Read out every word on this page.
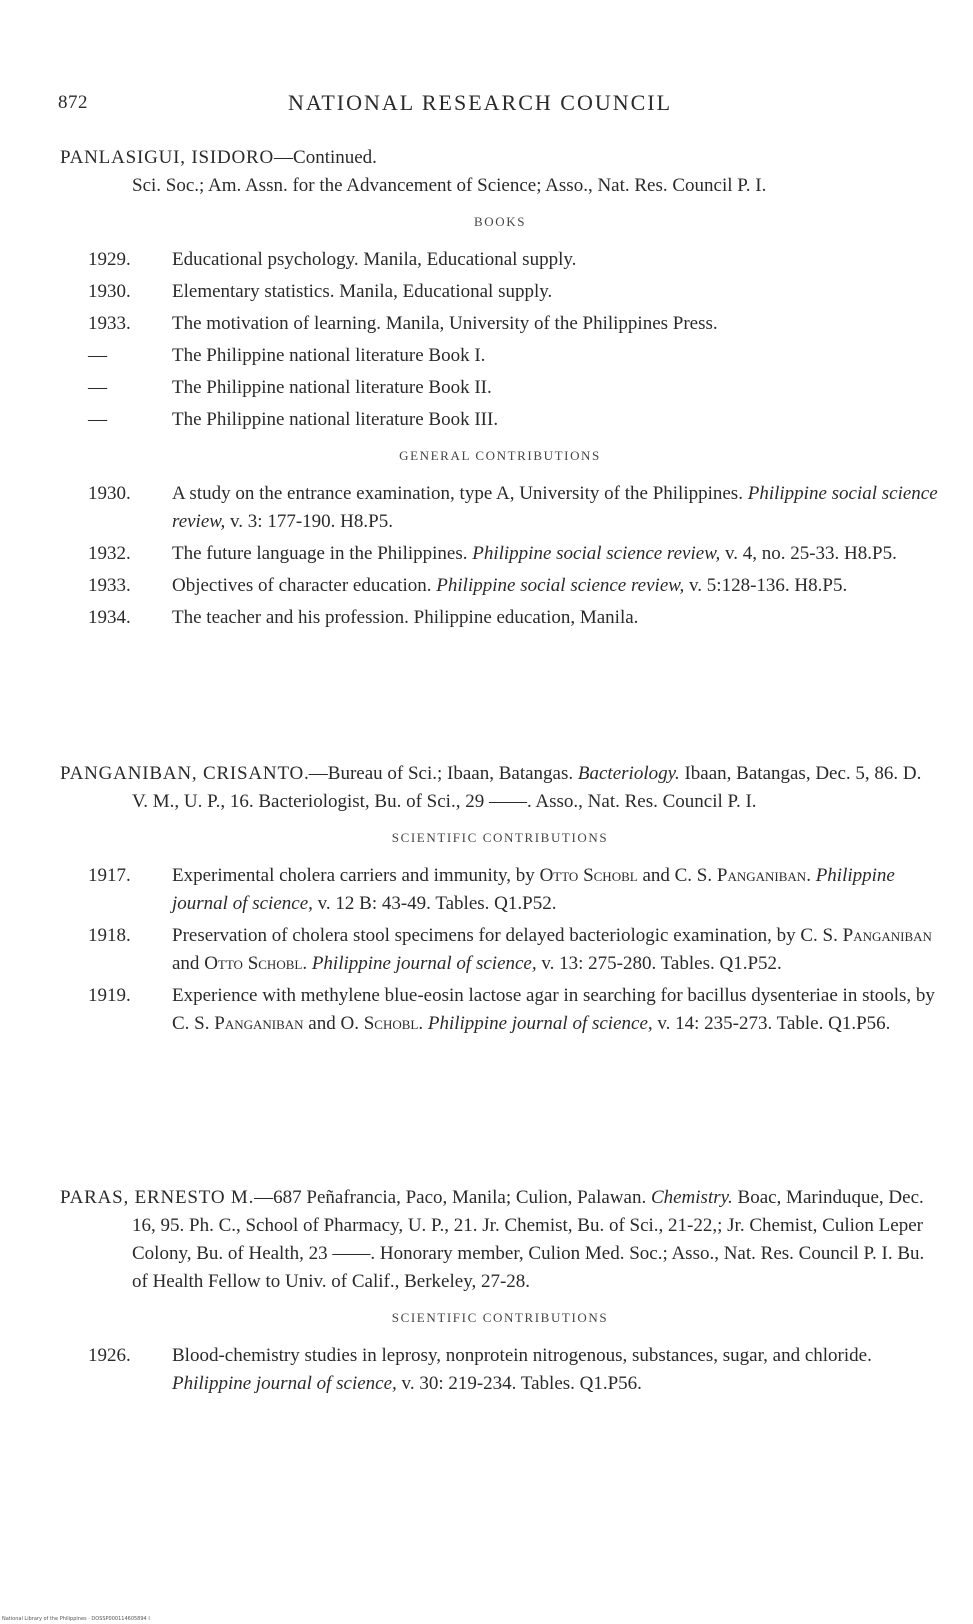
872	NATIONAL RESEARCH COUNCIL

PANLASIGUI, ISIDORO—Continued.
Sci. Soc.; Am. Assn. for the Advancement of Science; Asso., Nat. Res. Council P. I.

BOOKS
1929. Educational psychology. Manila, Educational supply.
1930. Elementary statistics. Manila, Educational supply.
1933. The motivation of learning. Manila, University of the Philippines Press.
—	The Philippine national literature Book I.
—	The Philippine national literature Book II.
—	The Philippine national literature Book III.
GENERAL CONTRIBUTIONS
1930. A study on the entrance examination, type A, University of the Philippines. Philippine social science review, v. 3: 177-190. H8.P5.
1932. The future language in the Philippines. Philippine social science review, v. 4, no. 25-33. H8.P5.
1933. Objectives of character education. Philippine social science review, v. 5:128-136. H8.P5.
1934. The teacher and his profession. Philippine education, Manila.

PANGANIBAN, CRISANTO.—Bureau of Sci.; Ibaan, Batangas. Bacteriology. Ibaan, Batangas, Dec. 5, 86. D. V. M., U. P., 16. Bacteriologist, Bu. of Sci., 29 ——. Asso., Nat. Res. Council P. I.

SCIENTIFIC CONTRIBUTIONS
1917. Experimental cholera carriers and immunity, by Otto Schobl and C. S. Panganiban. Philippine journal of science, v. 12 B: 43-49. Tables. Q1.P52.
1918. Preservation of cholera stool specimens for delayed bacteriologic examination, by C. S. Panganiban and Otto Schobl. Philippine journal of science, v. 13: 275-280. Tables. Q1.P52.
1919. Experience with methylene blue-eosin lactose agar in searching for bacillus dysenteriae in stools, by C. S. Panganiban and O. Schobl. Philippine journal of science, v. 14: 235-273. Table. Q1.P56.

PARAS, ERNESTO M.—687 Peñafrancia, Paco, Manila; Culion, Palawan. Chemistry. Boac, Marinduque, Dec. 16, 95. Ph. C., School of Pharmacy, U. P., 21. Jr. Chemist, Bu. of Sci., 21-22,; Jr. Chemist, Culion Leper Colony, Bu. of Health, 23 ——. Honorary member, Culion Med. Soc.; Asso., Nat. Res. Council P. I. Bu. of Health Fellow to Univ. of Calif., Berkeley, 27-28.

SCIENTIFIC CONTRIBUTIONS
1926. Blood-chemistry studies in leprosy, nonprotein nitrogenous, substances, sugar, and chloride. Philippine journal of science, v. 30: 219-234. Tables. Q1.P56.
National Library of the Philippines · DOSSP000114605894 I
